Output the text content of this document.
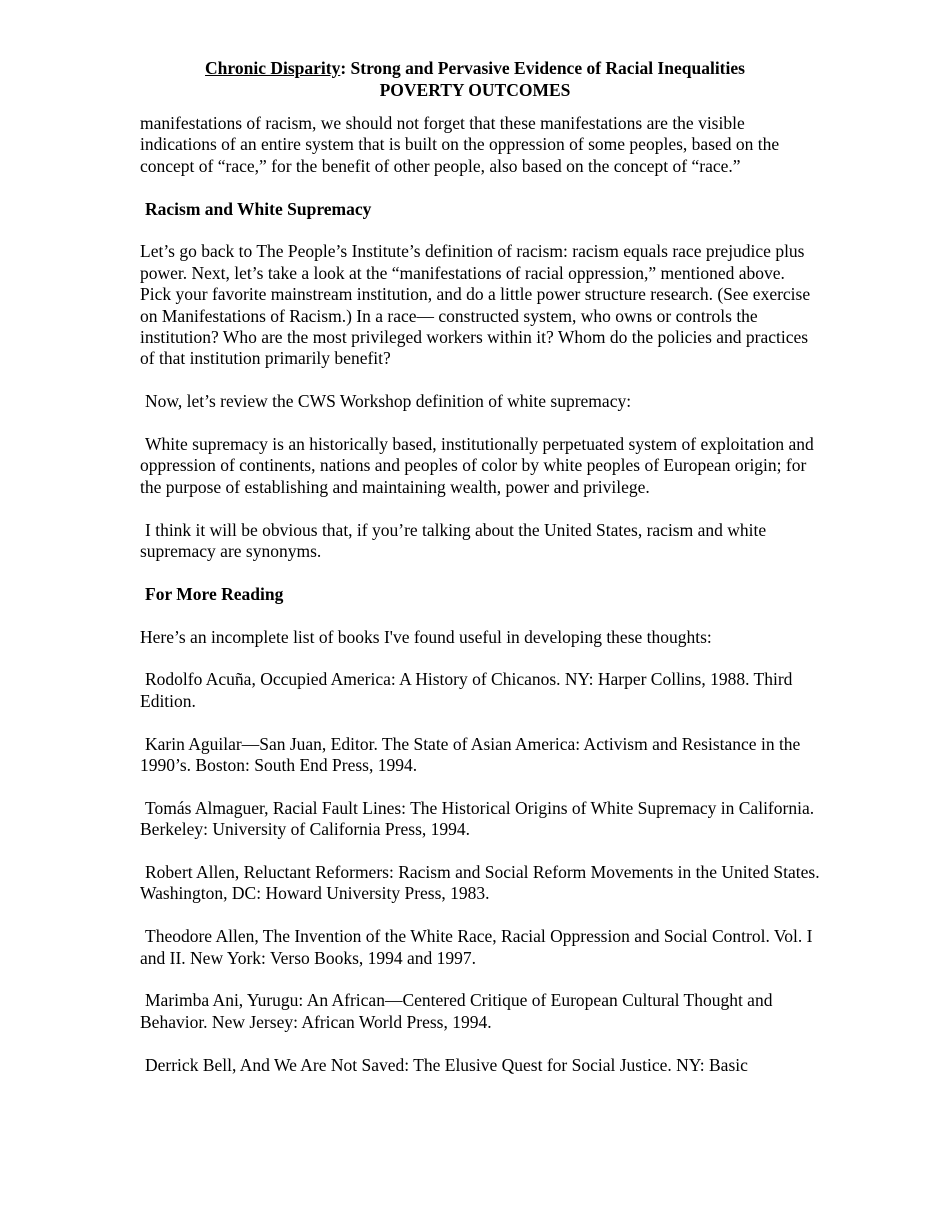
Chronic Disparity: Strong and Pervasive Evidence of Racial Inequalities
POVERTY OUTCOMES

manifestations of racism, we should not forget that these manifestations are the visible indications of an entire system that is built on the oppression of some peoples, based on the concept of “race,” for the benefit of other people, also based on the concept of “race.”

Racism and White Supremacy

Let’s go back to The People’s Institute’s definition of racism: racism equals race prejudice plus power. Next, let’s take a look at the “manifestations of racial oppression,” mentioned above. Pick your favorite mainstream institution, and do a little power structure research. (See exercise on Manifestations of Racism.) In a race— constructed system, who owns or controls the institution? Who are the most privileged workers within it? Whom do the policies and practices of that institution primarily benefit?

Now, let’s review the CWS Workshop definition of white supremacy:

White supremacy is an historically based, institutionally perpetuated system of exploitation and oppression of continents, nations and peoples of color by white peoples of European origin; for the purpose of establishing and maintaining wealth, power and privilege.

I think it will be obvious that, if you’re talking about the United States, racism and white supremacy are synonyms.

For More Reading

Here’s an incomplete list of books I've found useful in developing these thoughts:

Rodolfo Acuña, Occupied America: A History of Chicanos. NY: Harper Collins, 1988. Third Edition.

Karin Aguilar—San Juan, Editor. The State of Asian America: Activism and Resistance in the 1990’s. Boston: South End Press, 1994.

Tomás Almaguer, Racial Fault Lines: The Historical Origins of White Supremacy in California. Berkeley: University of California Press, 1994.

Robert Allen, Reluctant Reformers: Racism and Social Reform Movements in the United States. Washington, DC: Howard University Press, 1983.

Theodore Allen, The Invention of the White Race, Racial Oppression and Social Control. Vol. I and II. New York: Verso Books, 1994 and 1997.

Marimba Ani, Yurugu: An African—Centered Critique of European Cultural Thought and Behavior. New Jersey: African World Press, 1994.

Derrick Bell, And We Are Not Saved: The Elusive Quest for Social Justice. NY: Basic
